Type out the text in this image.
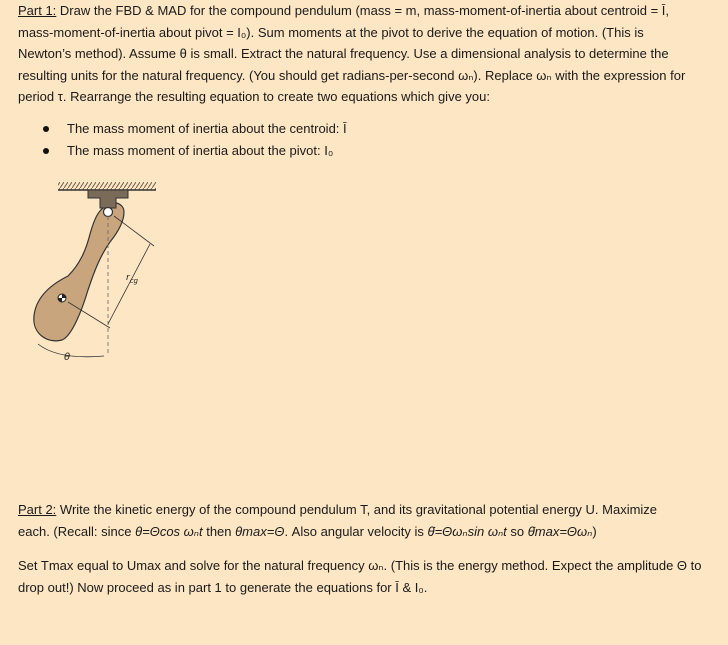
Part 1: Draw the FBD & MAD for the compound pendulum (mass = m, mass-moment-of-inertia about centroid = Ī,
mass-moment-of-inertia about pivot = I₀). Sum moments at the pivot to derive the equation of motion. (This is
Newton’s method). Assume θ is small. Extract the natural frequency. Use a dimensional analysis to determine the
resulting units for the natural frequency. (You should get radians-per-second ωₙ). Replace ωₙ with the expression for
period τ. Rearrange the resulting equation to create two equations which give you:
The mass moment of inertia about the centroid: Ī
The mass moment of inertia about the pivot: I₀
$r_{cg}$
θ
Part 2: Write the kinetic energy of the compound pendulum T, and its gravitational potential energy U. Maximize
each. (Recall: since θ=Θcos ωₙt then θmax=Θ. Also angular velocity is θ̇=Θωₙsin ωₙt so θ̇max=Θωₙ)
Set Tmax equal to Umax and solve for the natural frequency ωₙ. (This is the energy method. Expect the amplitude Θ to
drop out!) Now proceed as in part 1 to generate the equations for Ī & I₀.
